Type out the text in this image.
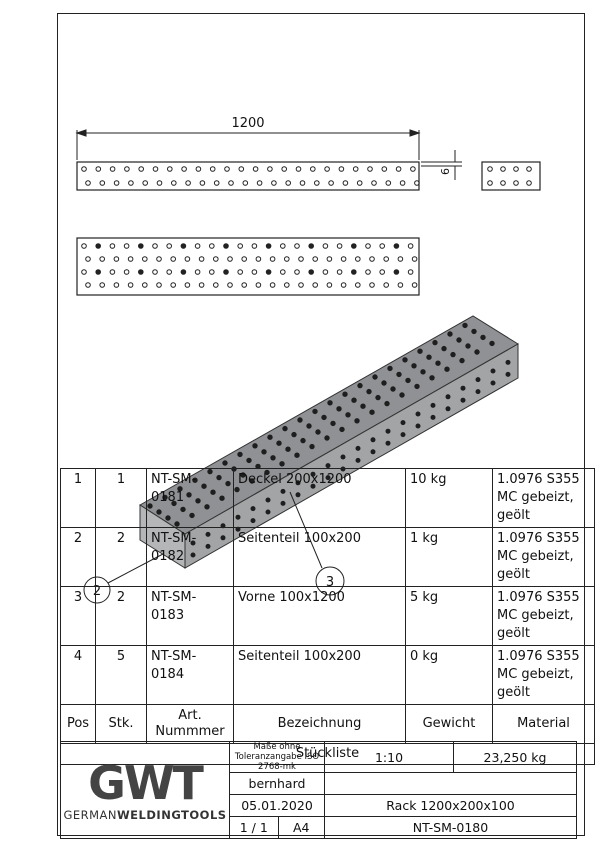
1200
6
2
3
1	1	NT-SM-0181	Deckel 200x1200	10 kg	1.0976 S355 MC gebeizt, geölt
2	2	NT-SM-0182	Seitenteil 100x200	1 kg	1.0976 S355 MC gebeizt, geölt
3	2	NT-SM-0183	Vorne 100x1200	5 kg	1.0976 S355 MC gebeizt, geölt
4	5	NT-SM-0184	Seitenteil 100x200	0 kg	1.0976 S355 MC gebeizt, geölt
Pos	Stk.	Art. Nummmer	Bezeichnung	Gewicht	Material
Stückliste					
GWT
GERMANWELDINGTOOLS	Maße ohne Toleranzangabe ISO 2768-mk		1:10	23,250 kg
	bernhard			
	05.01.2020		Rack 1200x200x100	
	1 / 1	A4	NT-SM-0180	
